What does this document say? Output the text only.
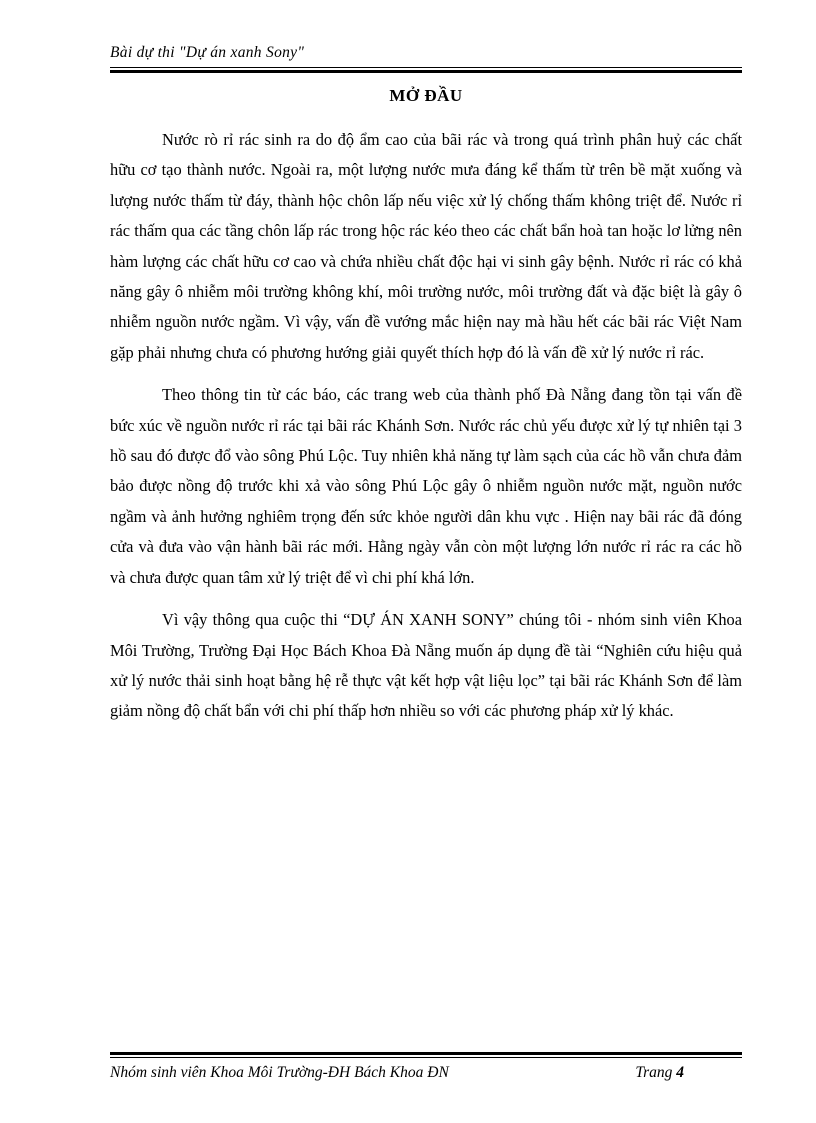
Bài dự thi "Dự án xanh Sony"
MỞ ĐẦU

Nước rò rỉ rác sinh ra do độ ẩm cao của bãi rác và trong quá trình phân huỷ các chất hữu cơ tạo thành nước. Ngoài ra, một lượng nước mưa đáng kể thấm từ trên bề mặt xuống và lượng nước thấm từ đáy, thành hộc chôn lấp nếu việc xử lý chống thấm không triệt để. Nước rỉ rác thấm qua các tầng chôn lấp rác trong hộc rác kéo theo các chất bẩn hoà tan hoặc lơ lửng nên hàm lượng các chất hữu cơ cao và chứa nhiều chất độc hại vi sinh gây bệnh. Nước rỉ rác có khả năng gây ô nhiễm môi trường không khí, môi trường nước, môi trường đất và đặc biệt là gây ô nhiễm nguồn nước ngầm. Vì vậy, vấn đề vướng mắc hiện nay mà hầu hết các bãi rác Việt Nam gặp phải nhưng chưa có phương hướng giải quyết thích hợp đó là vấn đề xử lý nước rỉ rác.

Theo thông tin từ các báo, các trang web của thành phố Đà Nẵng đang tồn tại vấn đề bức xúc về nguồn nước rỉ rác tại bãi rác Khánh Sơn. Nước rác chủ yếu được xử lý tự nhiên tại 3 hồ sau đó được đổ vào sông Phú Lộc. Tuy nhiên khả năng tự làm sạch của các hồ vẫn chưa đảm bảo được nồng độ trước khi xả vào sông Phú Lộc gây ô nhiễm nguồn nước mặt, nguồn nước ngầm và ảnh hưởng nghiêm trọng đến sức khỏe người dân khu vực . Hiện nay bãi rác đã đóng cửa và đưa vào vận hành bãi rác mới. Hằng ngày vẫn còn một lượng lớn nước rỉ rác ra các hồ và chưa được quan tâm xử lý triệt để vì chi phí khá lớn.

Vì vậy thông qua cuộc thi “DỰ ÁN XANH SONY” chúng tôi - nhóm sinh viên Khoa Môi Trường, Trường Đại Học Bách Khoa Đà Nẵng muốn áp dụng đề tài “Nghiên cứu hiệu quả xử lý nước thải sinh hoạt bằng hệ rễ thực vật kết hợp vật liệu lọc” tại bãi rác Khánh Sơn để làm giảm nồng độ chất bẩn với chi phí thấp hơn nhiều so với các phương pháp xử lý khác.

Nhóm sinh viên Khoa Môi Trường-ĐH Bách Khoa ĐN	Trang 4
